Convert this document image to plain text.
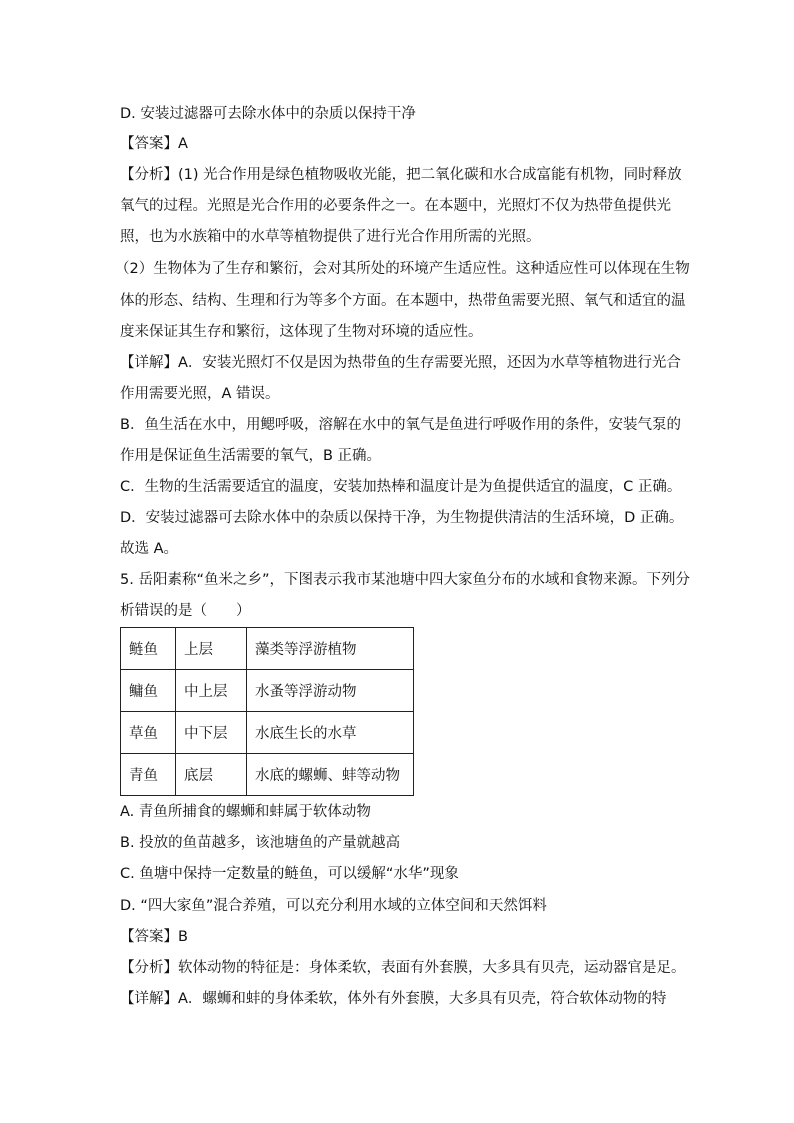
D. 安装过滤器可去除水体中的杂质以保持干净
【答案】A
【分析】(1) 光合作用是绿色植物吸收光能，把二氧化碳和水合成富能有机物，同时释放
氧气的过程。光照是光合作用的必要条件之一。在本题中，光照灯不仅为热带鱼提供光
照，也为水族箱中的水草等植物提供了进行光合作用所需的光照。
（2）生物体为了生存和繁衍，会对其所处的环境产生适应性。这种适应性可以体现在生物
体的形态、结构、生理和行为等多个方面。在本题中，热带鱼需要光照、氧气和适宜的温
度来保证其生存和繁衍，这体现了生物对环境的适应性。
【详解】A．安装光照灯不仅是因为热带鱼的生存需要光照，还因为水草等植物进行光合
作用需要光照，A 错误。
B．鱼生活在水中，用鳃呼吸，溶解在水中的氧气是鱼进行呼吸作用的条件，安装气泵的
作用是保证鱼生活需要的氧气，B 正确。
C．生物的生活需要适宜的温度，安装加热棒和温度计是为鱼提供适宜的温度，C 正确。
D．安装过滤器可去除水体中的杂质以保持干净，为生物提供清洁的生活环境，D 正确。
故选 A。
5. 岳阳素称“鱼米之乡”，下图表示我市某池塘中四大家鱼分布的水域和食物来源。下列分
析错误的是（　　）
鲢鱼	上层	藻类等浮游植物
鳙鱼	中上层	水蚤等浮游动物
草鱼	中下层	水底生长的水草
青鱼	底层	水底的螺蛳、蚌等动物
A. 青鱼所捕食的螺蛳和蚌属于软体动物
B. 投放的鱼苗越多，该池塘鱼的产量就越高
C. 鱼塘中保持一定数量的鲢鱼，可以缓解“水华”现象
D. “四大家鱼”混合养殖，可以充分利用水域的立体空间和天然饵料
【答案】B
【分析】软体动物的特征是：身体柔软，表面有外套膜，大多具有贝壳，运动器官是足。
【详解】A．螺蛳和蚌的身体柔软，体外有外套膜，大多具有贝壳，符合软体动物的特
